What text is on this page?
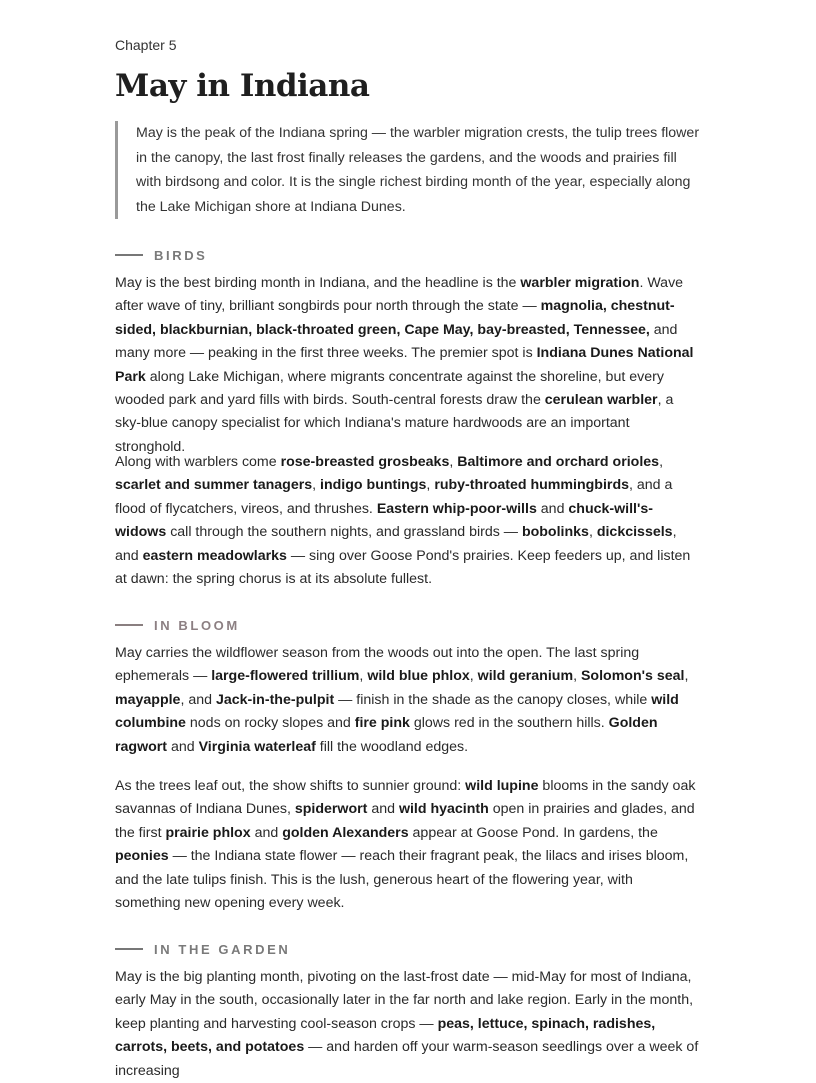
Chapter 5
May in Indiana

May is the peak of the Indiana spring — the warbler migration crests, the tulip trees flower in the canopy, the last frost finally releases the gardens, and the woods and prairies fill with birdsong and color. It is the single richest birding month of the year, especially along the Lake Michigan shore at Indiana Dunes.

BIRDS

May is the best birding month in Indiana, and the headline is the warbler migration. Wave after wave of tiny, brilliant songbirds pour north through the state — magnolia, chestnut-sided, blackburnian, black-throated green, Cape May, bay-breasted, Tennessee, and many more — peaking in the first three weeks. The premier spot is Indiana Dunes National Park along Lake Michigan, where migrants concentrate against the shoreline, but every wooded park and yard fills with birds. South-central forests draw the cerulean warbler, a sky-blue canopy specialist for which Indiana's mature hardwoods are an important stronghold.

Along with warblers come rose-breasted grosbeaks, Baltimore and orchard orioles, scarlet and summer tanagers, indigo buntings, ruby-throated hummingbirds, and a flood of flycatchers, vireos, and thrushes. Eastern whip-poor-wills and chuck-will's-widows call through the southern nights, and grassland birds — bobolinks, dickcissels, and eastern meadowlarks — sing over Goose Pond's prairies. Keep feeders up, and listen at dawn: the spring chorus is at its absolute fullest.

IN BLOOM

May carries the wildflower season from the woods out into the open. The last spring ephemerals — large-flowered trillium, wild blue phlox, wild geranium, Solomon's seal, mayapple, and Jack-in-the-pulpit — finish in the shade as the canopy closes, while wild columbine nods on rocky slopes and fire pink glows red in the southern hills. Golden ragwort and Virginia waterleaf fill the woodland edges.

As the trees leaf out, the show shifts to sunnier ground: wild lupine blooms in the sandy oak savannas of Indiana Dunes, spiderwort and wild hyacinth open in prairies and glades, and the first prairie phlox and golden Alexanders appear at Goose Pond. In gardens, the peonies — the Indiana state flower — reach their fragrant peak, the lilacs and irises bloom, and the late tulips finish. This is the lush, generous heart of the flowering year, with something new opening every week.

IN THE GARDEN

May is the big planting month, pivoting on the last-frost date — mid-May for most of Indiana, early May in the south, occasionally later in the far north and lake region. Early in the month, keep planting and harvesting cool-season crops — peas, lettuce, spinach, radishes, carrots, beets, and potatoes — and harden off your warm-season seedlings over a week of increasing
